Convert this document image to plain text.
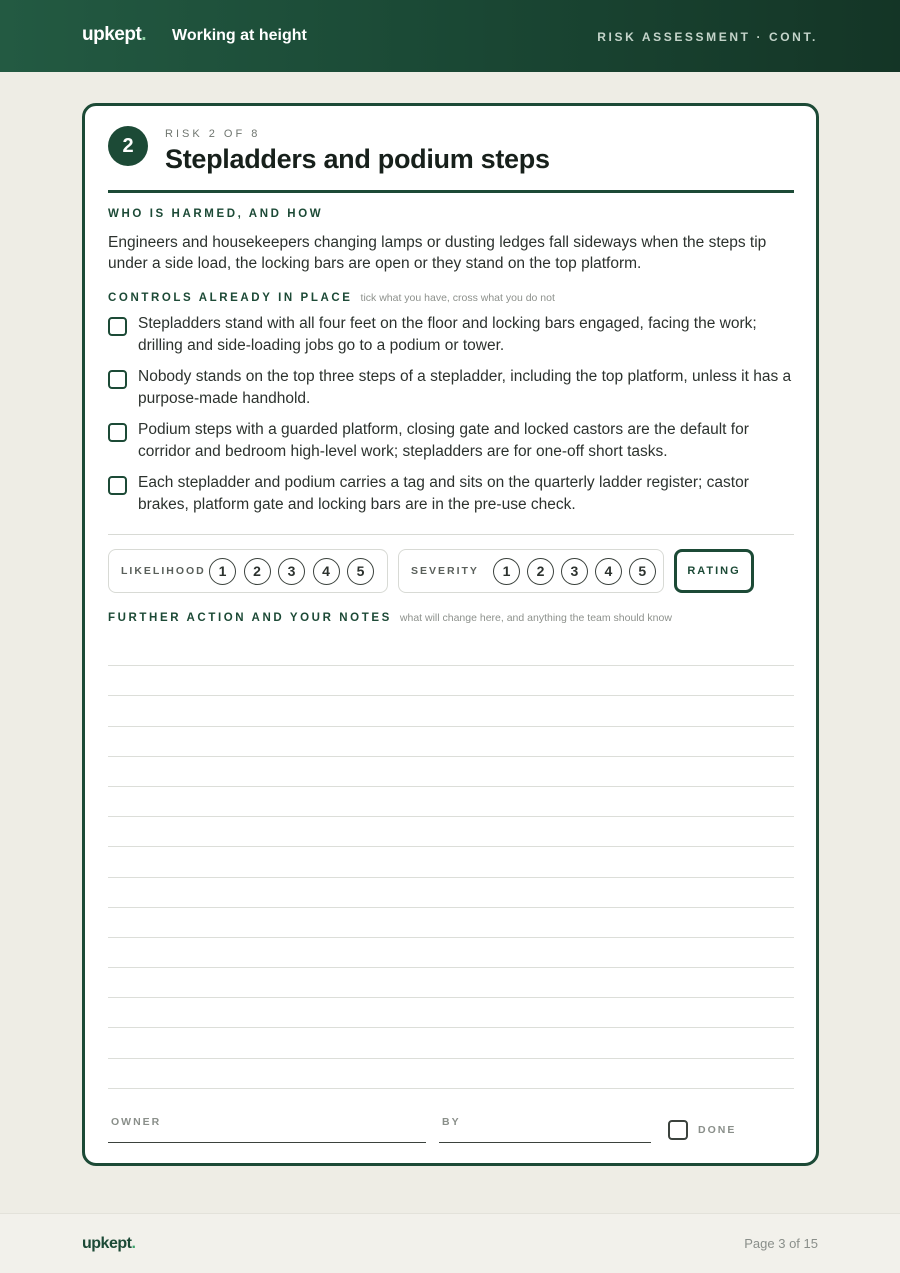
upkept. Working at height	RISK ASSESSMENT · CONT.
2
RISK 2 OF 8
Stepladders and podium steps
WHO IS HARMED, AND HOW
Engineers and housekeepers changing lamps or dusting ledges fall sideways when the steps tip under a side load, the locking bars are open or they stand on the top platform.
CONTROLS ALREADY IN PLACE tick what you have, cross what you do not
Stepladders stand with all four feet on the floor and locking bars engaged, facing the work; drilling and side-loading jobs go to a podium or tower.
Nobody stands on the top three steps of a stepladder, including the top platform, unless it has a purpose-made handhold.
Podium steps with a guarded platform, closing gate and locked castors are the default for corridor and bedroom high-level work; stepladders are for one-off short tasks.
Each stepladder and podium carries a tag and sits on the quarterly ladder register; castor brakes, platform gate and locking bars are in the pre-use check.
LIKELIHOOD 1	2	3	4	5	SEVERITY	1	2	3	4	5	RATING
FURTHER ACTION AND YOUR NOTES what will change here, and anything the team should know
OWNER	BY
DONE
upkept.	Page 3 of 15
